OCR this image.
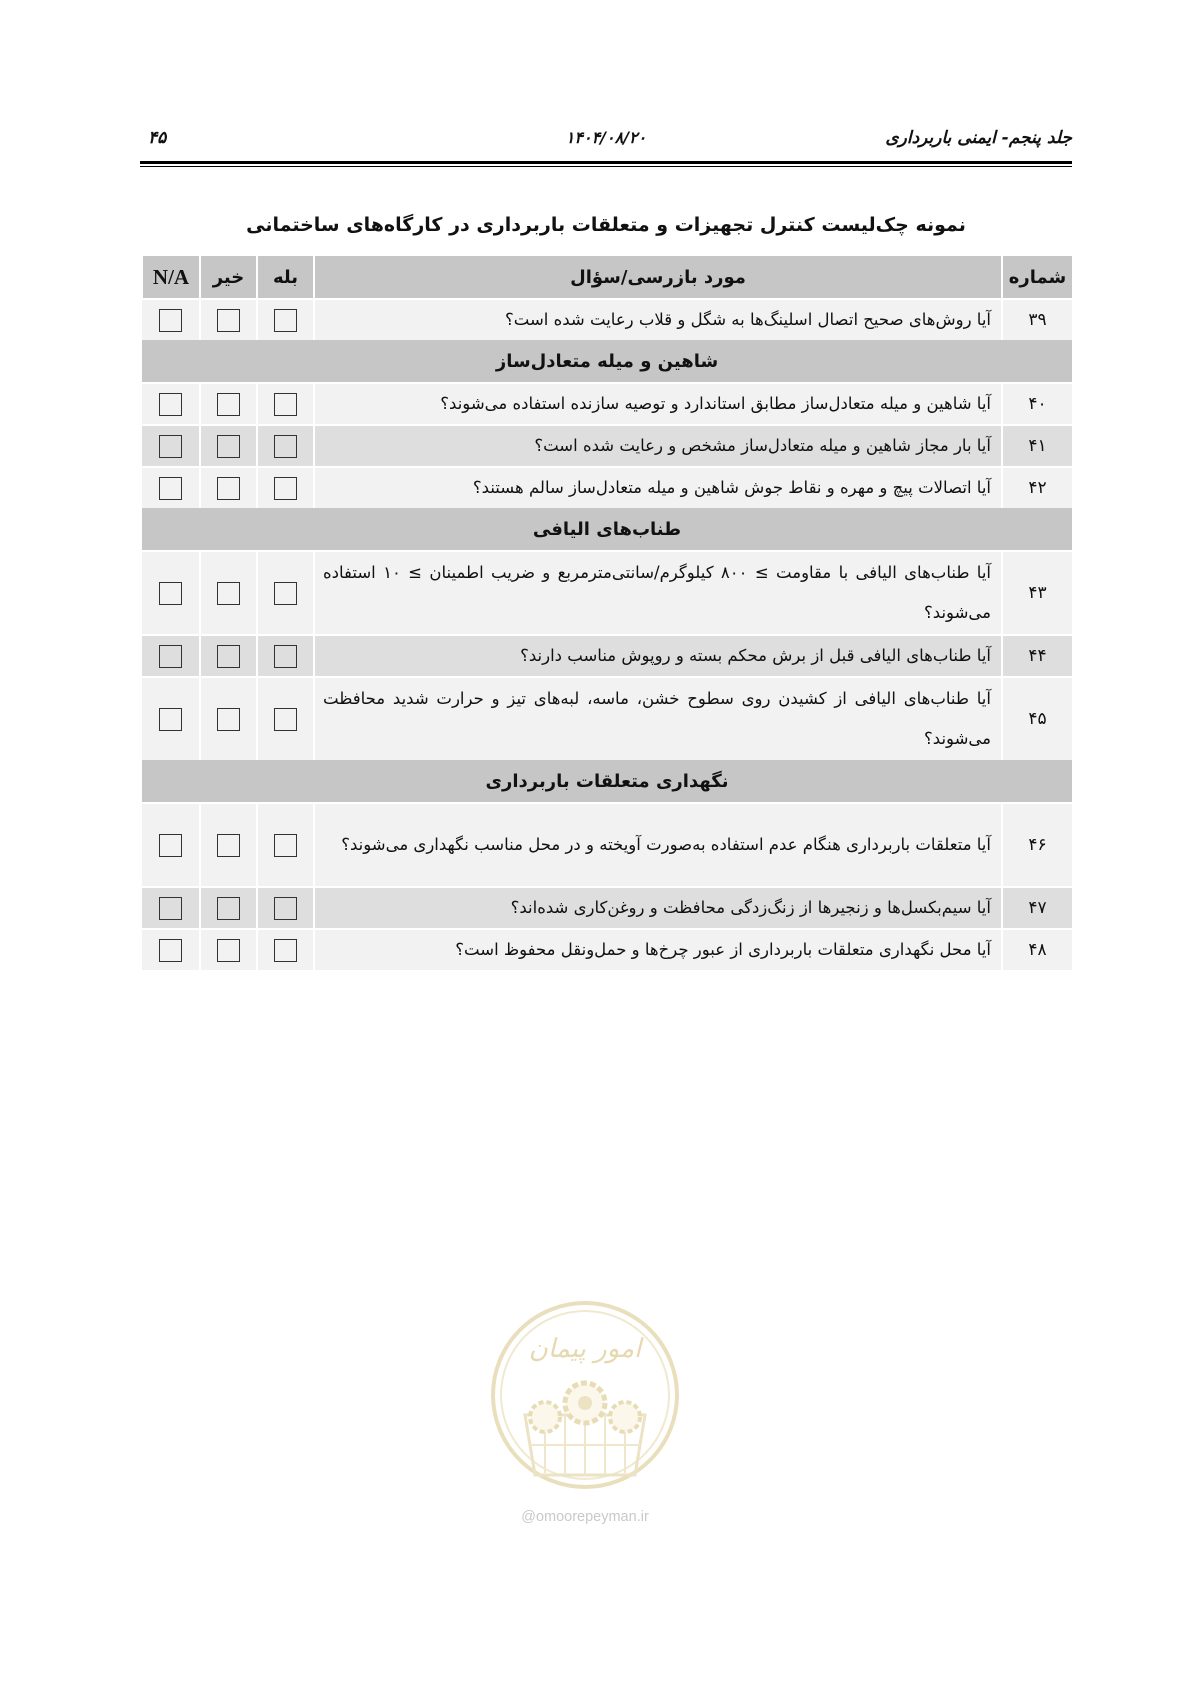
جلد پنجم- ایمنی باربرداری
۱۴۰۴/۰۸/۲۰
۴۵
نمونه چک‌لیست کنترل تجهیزات و متعلقات باربرداری در کارگاه‌های ساختمانی
شماره	مورد بازرسی/سؤال	بله	خیر	N/A
۳۹	آیا روش‌های صحیح اتصال اسلینگ‌ها به شگل و قلاب رعایت شده است؟			
شاهین و میله متعادل‌ساز				
۴۰	آیا شاهین و میله متعادل‌ساز مطابق استاندارد و توصیه سازنده استفاده می‌شوند؟			
۴۱	آیا بار مجاز شاهین و میله متعادل‌ساز مشخص و رعایت شده است؟			
۴۲	آیا اتصالات پیچ و مهره و نقاط جوش شاهین و میله متعادل‌ساز سالم هستند؟			
طناب‌های الیافی				
۴۳	آیا طناب‌های الیافی با مقاومت ≥ ۸۰۰ کیلوگرم/سانتی‌مترمربع و ضریب اطمینان ≥ ۱۰ استفاده می‌شوند؟			
۴۴	آیا طناب‌های الیافی قبل از برش محکم بسته و روپوش مناسب دارند؟			
۴۵	آیا طناب‌های الیافی از کشیدن روی سطوح خشن، ماسه، لبه‌های تیز و حرارت شدید محافظت می‌شوند؟			
نگهداری متعلقات باربرداری				
۴۶	آیا متعلقات باربرداری هنگام عدم استفاده به‌صورت آویخته و در محل مناسب نگهداری می‌شوند؟			
۴۷	آیا سیم‌بکسل‌ها و زنجیرها از زنگ‌زدگی محافظت و روغن‌کاری شده‌اند؟			
۴۸	آیا محل نگهداری متعلقات باربرداری از عبور چرخ‌ها و حمل‌ونقل محفوظ است؟			
امور پیمان
@omoorepeyman.ir
